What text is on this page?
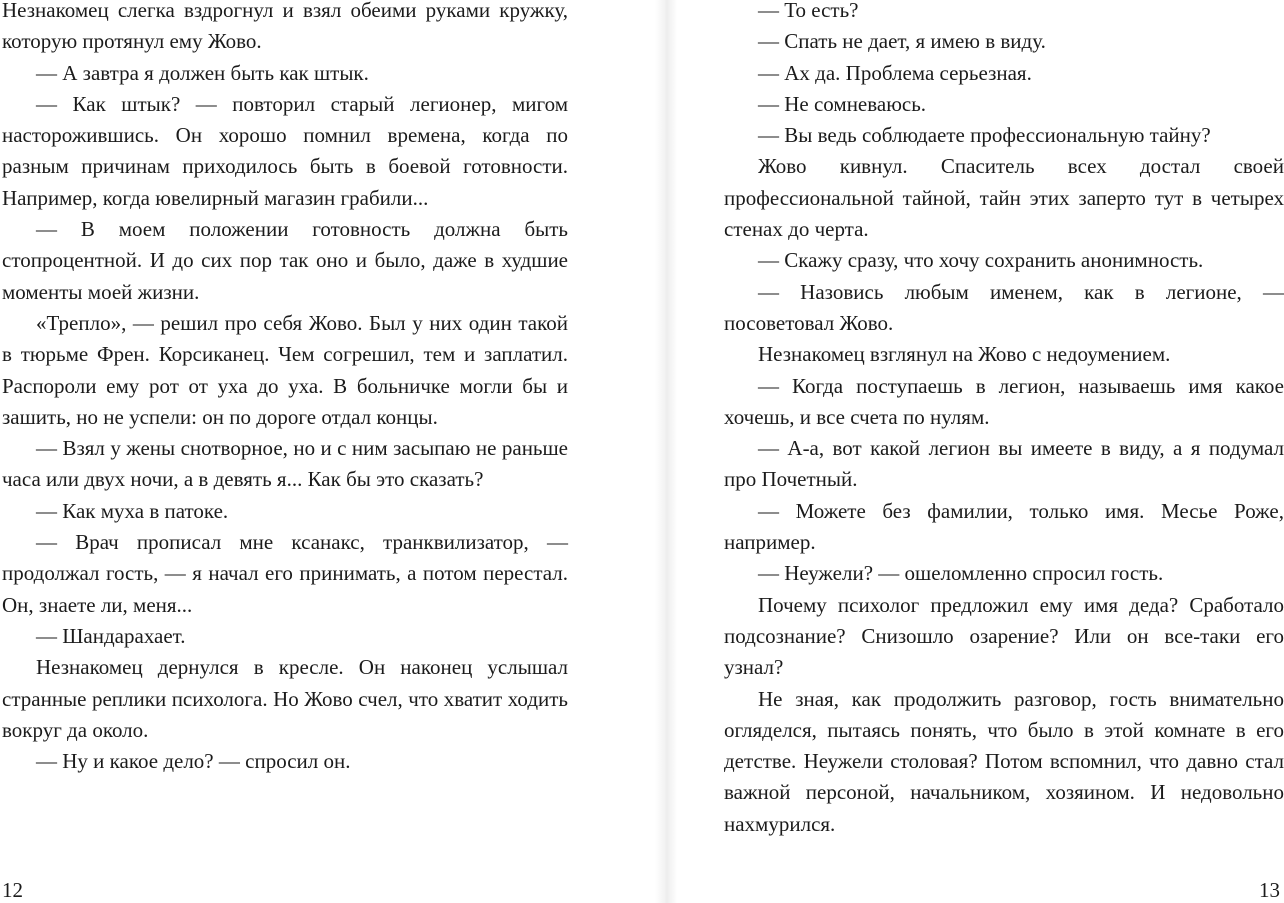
Незнакомец слегка вздрогнул и взял обеими руками кружку, которую протянул ему Жово.

— А завтра я должен быть как штык.

— Как штык? — повторил старый легионер, мигом насторожившись. Он хорошо помнил времена, когда по разным причинам приходилось быть в боевой готовности. Например, когда ювелирный магазин грабили...

— В моем положении готовность должна быть стопроцентной. И до сих пор так оно и было, даже в худшие моменты моей жизни.

«Трепло», — решил про себя Жово. Был у них один такой в тюрьме Френ. Корсиканец. Чем согрешил, тем и заплатил. Распороли ему рот от уха до уха. В больничке могли бы и зашить, но не успели: он по дороге отдал концы.

— Взял у жены снотворное, но и с ним засыпаю не раньше часа или двух ночи, а в девять я... Как бы это сказать?

— Как муха в патоке.

— Врач прописал мне ксанакс, транквилизатор, — продолжал гость, — я начал его принимать, а потом перестал. Он, знаете ли, меня...

— Шандарахает.

Незнакомец дернулся в кресле. Он наконец услышал странные реплики психолога. Но Жово счел, что хватит ходить вокруг да около.

— Ну и какое дело? — спросил он.

12

— То есть?

— Спать не дает, я имею в виду.

— Ах да. Проблема серьезная.

— Не сомневаюсь.

— Вы ведь соблюдаете профессиональную тайну?

Жово кивнул. Спаситель всех достал своей профессиональной тайной, тайн этих заперто тут в четырех стенах до черта.

— Скажу сразу, что хочу сохранить анонимность.

— Назовись любым именем, как в легионе, — посоветовал Жово.

Незнакомец взглянул на Жово с недоумением.

— Когда поступаешь в легион, называешь имя какое хочешь, и все счета по нулям.

— А-а, вот какой легион вы имеете в виду, а я подумал про Почетный.

— Можете без фамилии, только имя. Месье Роже, например.

— Неужели? — ошеломленно спросил гость.

Почему психолог предложил ему имя деда? Сработало подсознание? Снизошло озарение? Или он все-таки его узнал?

Не зная, как продолжить разговор, гость внимательно огляделся, пытаясь понять, что было в этой комнате в его детстве. Неужели столовая? Потом вспомнил, что давно стал важной персоной, начальником, хозяином. И недовольно нахмурился.

13
